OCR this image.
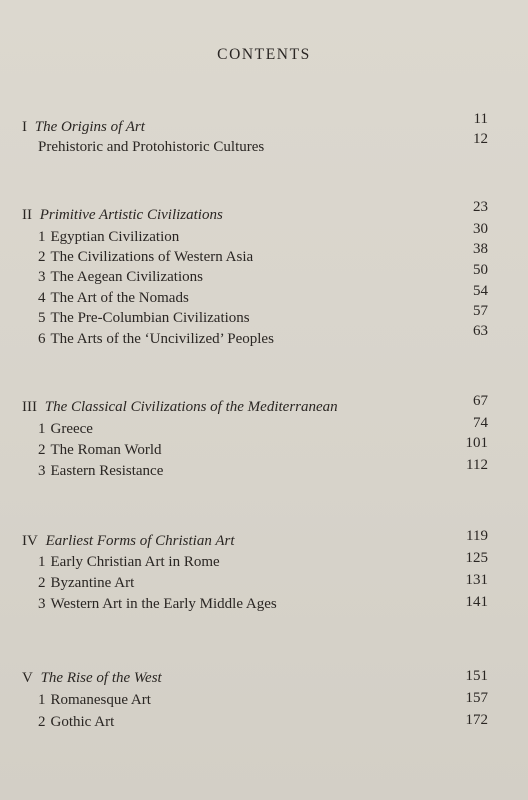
CONTENTS
I The Origins of Art	11
Prehistoric and Protohistoric Cultures	12
II Primitive Artistic Civilizations	23
1 Egyptian Civilization	30
2 The Civilizations of Western Asia	38
3 The Aegean Civilizations	50
4 The Art of the Nomads	54
5 The Pre-Columbian Civilizations	57
6 The Arts of the ‘Uncivilized’ Peoples	63
III The Classical Civilizations of the Mediterranean	67
1 Greece	74
2 The Roman World	101
3 Eastern Resistance	112
IV Earliest Forms of Christian Art	119
1 Early Christian Art in Rome	125
2 Byzantine Art	131
3 Western Art in the Early Middle Ages	141
V The Rise of the West	151
1 Romanesque Art	157
2 Gothic Art	172
